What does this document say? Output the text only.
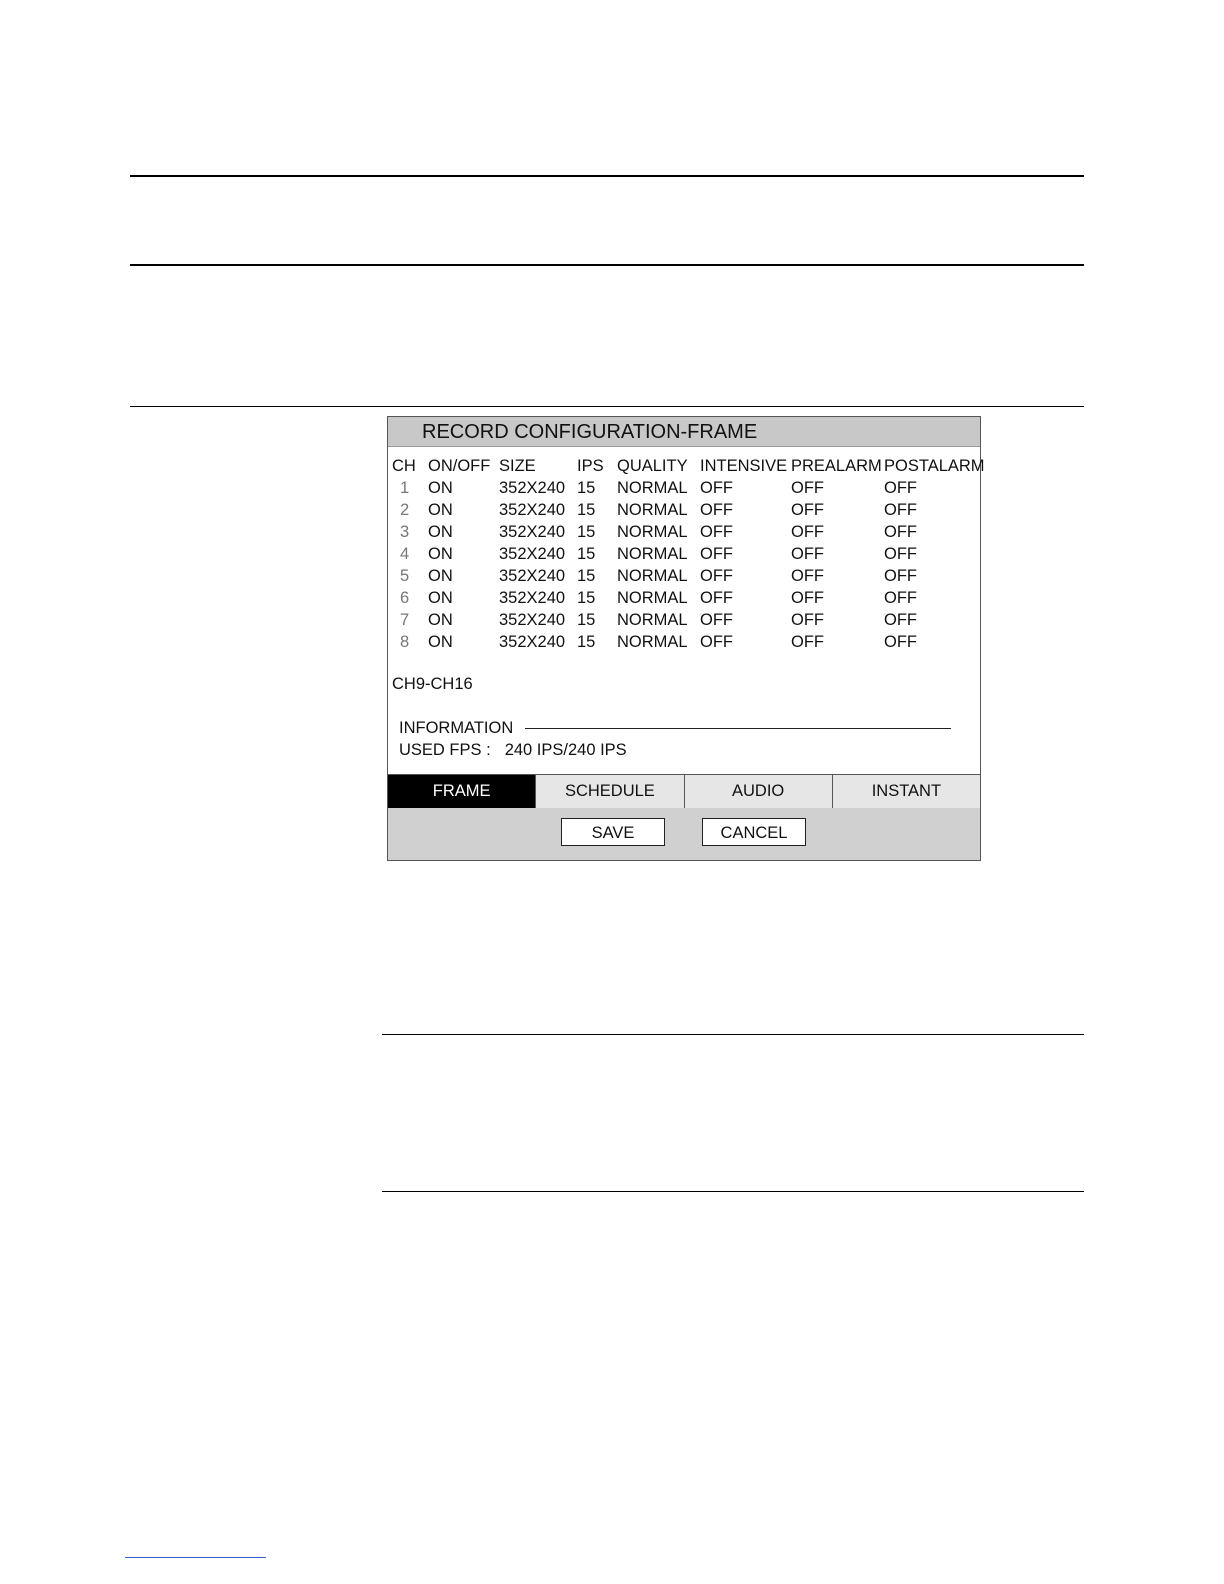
RECORD CONFIGURATION-FRAME
CH ON/OFF SIZE	IPS QUALITY INTENSIVE PREALARM POSTALARM
1 ON	352X240 15 NORMAL OFF	OFF	OFF
2 ON	352X240 15 NORMAL OFF	OFF	OFF
3 ON	352X240 15 NORMAL OFF	OFF	OFF
4 ON	352X240 15 NORMAL OFF	OFF	OFF
5 ON	352X240 15 NORMAL OFF	OFF	OFF
6 ON	352X240 15 NORMAL OFF	OFF	OFF
7 ON	352X240 15 NORMAL OFF	OFF	OFF
8 ON	352X240 15 NORMAL OFF	OFF	OFF
CH9-CH16
INFORMATION
USED FPS : 240 IPS/240 IPS
FRAME	SCHEDULE	AUDIO	INSTANT
SAVE	CANCEL
